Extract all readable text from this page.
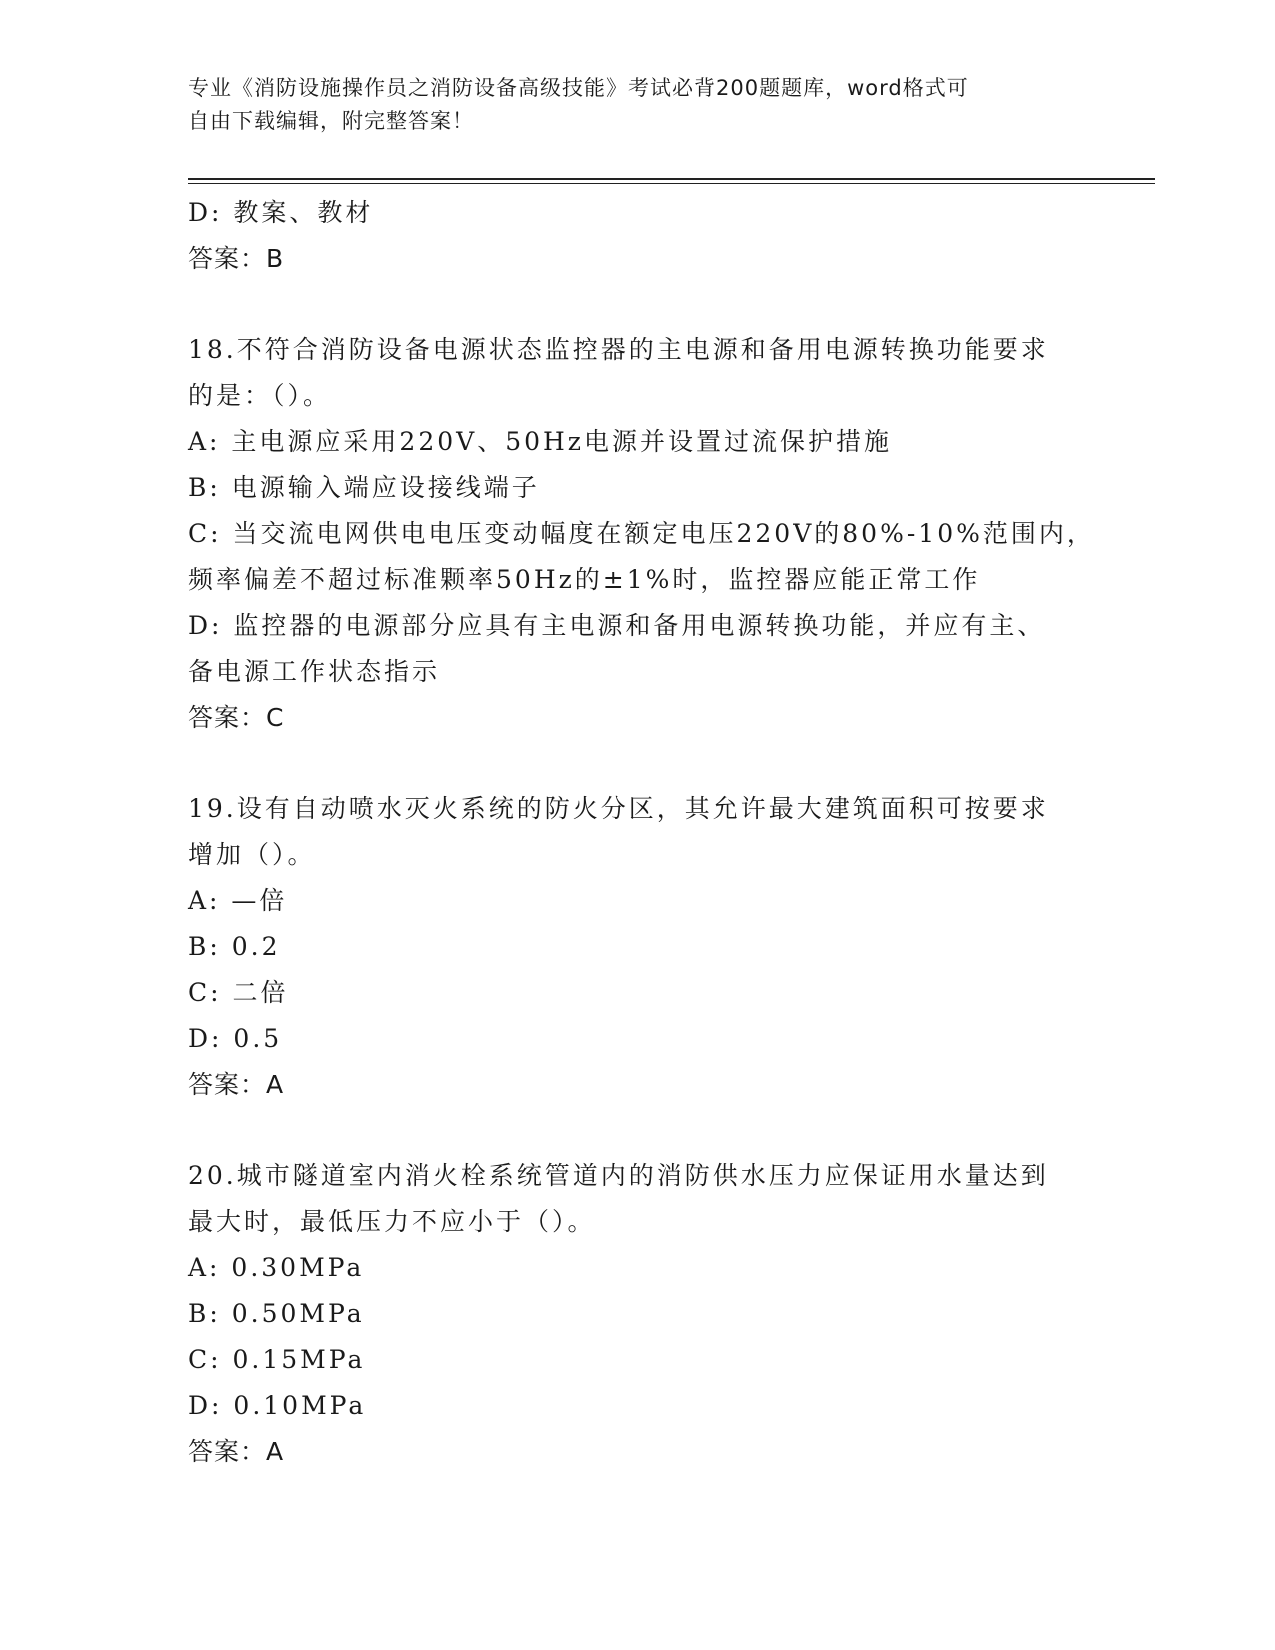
专业《消防设施操作员之消防设备高级技能》考试必背200题题库，word格式可
自由下载编辑，附完整答案！
D: 教案、教材
答案：B
18.不符合消防设备电源状态监控器的主电源和备用电源转换功能要求
的是：（）。
A: 主电源应采用220V、50Hz电源并设置过流保护措施
B: 电源输入端应设接线端子
C: 当交流电网供电电压变动幅度在额定电压220V的80%-10%范围内，
频率偏差不超过标准颗率50Hz的±1%时，监控器应能正常工作
D: 监控器的电源部分应具有主电源和备用电源转换功能，并应有主、
备电源工作状态指示
答案：C
19.设有自动喷水灭火系统的防火分区，其允许最大建筑面积可按要求
增加（）。
A: —倍
B: 0.2
C: 二倍
D: 0.5
答案：A
20.城市隧道室内消火栓系统管道内的消防供水压力应保证用水量达到
最大时，最低压力不应小于（）。
A: 0.30MPa
B: 0.50MPa
C: 0.15MPa
D: 0.10MPa
答案：A
